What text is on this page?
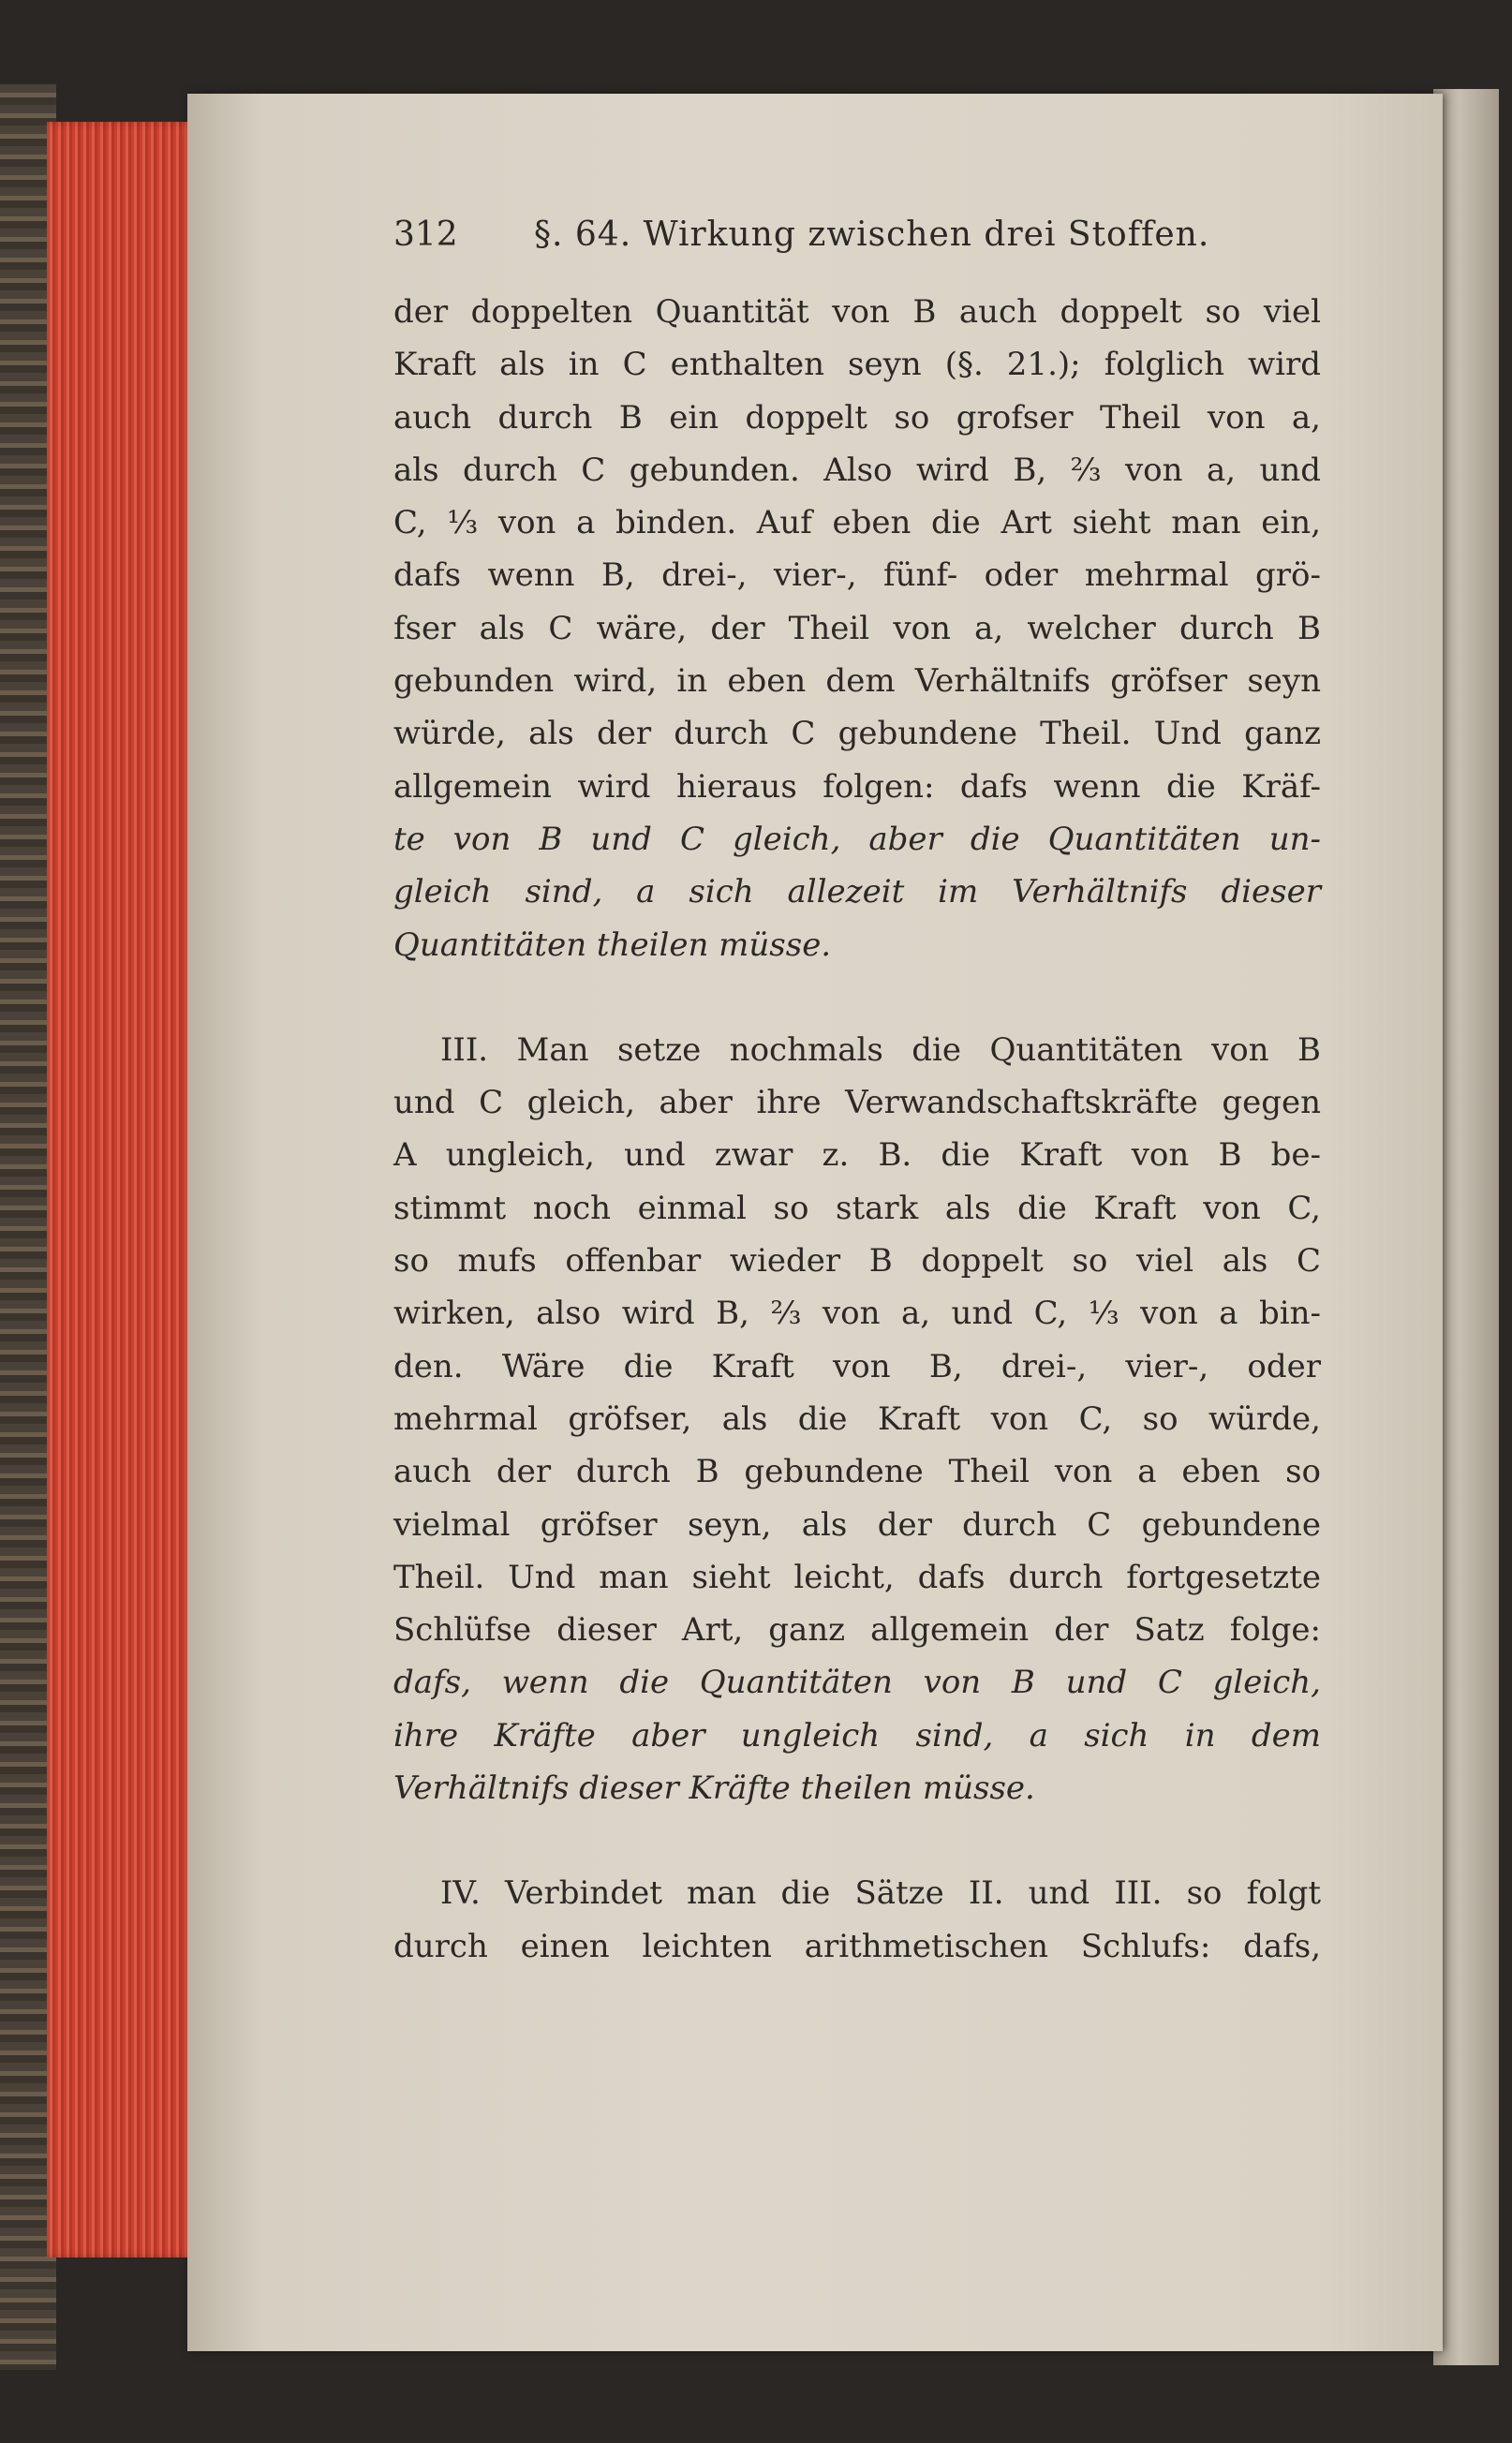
312 §. 64. Wirkung zwischen drei Stoffen.
der doppelten Quantität von B auch doppelt so viel
Kraft als in C enthalten seyn (§. 21.); folglich wird
auch durch B ein doppelt so grofser Theil von a,
als durch C gebunden. Also wird B, ⅔ von a, und
C, ⅓ von a binden. Auf eben die Art sieht man ein,
dafs wenn B, drei-, vier-, fünf- oder mehrmal grö-
fser als C wäre, der Theil von a, welcher durch B
gebunden wird, in eben dem Verhältnifs gröfser seyn
würde, als der durch C gebundene Theil. Und ganz
allgemein wird hieraus folgen: dafs wenn die Kräf-
te von B und C gleich, aber die Quantitäten un-
gleich sind, a sich allezeit im Verhältnifs dieser
Quantitäten theilen müsse.
III. Man setze nochmals die Quantitäten von B
und C gleich, aber ihre Verwandschaftskräfte gegen
A ungleich, und zwar z. B. die Kraft von B be-
stimmt noch einmal so stark als die Kraft von C,
so mufs offenbar wieder B doppelt so viel als C
wirken, also wird B, ⅔ von a, und C, ⅓ von a bin-
den. Wäre die Kraft von B, drei-, vier-, oder
mehrmal gröfser, als die Kraft von C, so würde,
auch der durch B gebundene Theil von a eben so
vielmal gröfser seyn, als der durch C gebundene
Theil. Und man sieht leicht, dafs durch fortgesetzte
Schlüfse dieser Art, ganz allgemein der Satz folge:
dafs, wenn die Quantitäten von B und C gleich,
ihre Kräfte aber ungleich sind, a sich in dem
Verhältnifs dieser Kräfte theilen müsse.
IV. Verbindet man die Sätze II. und III. so folgt
durch einen leichten arithmetischen Schlufs: dafs,
